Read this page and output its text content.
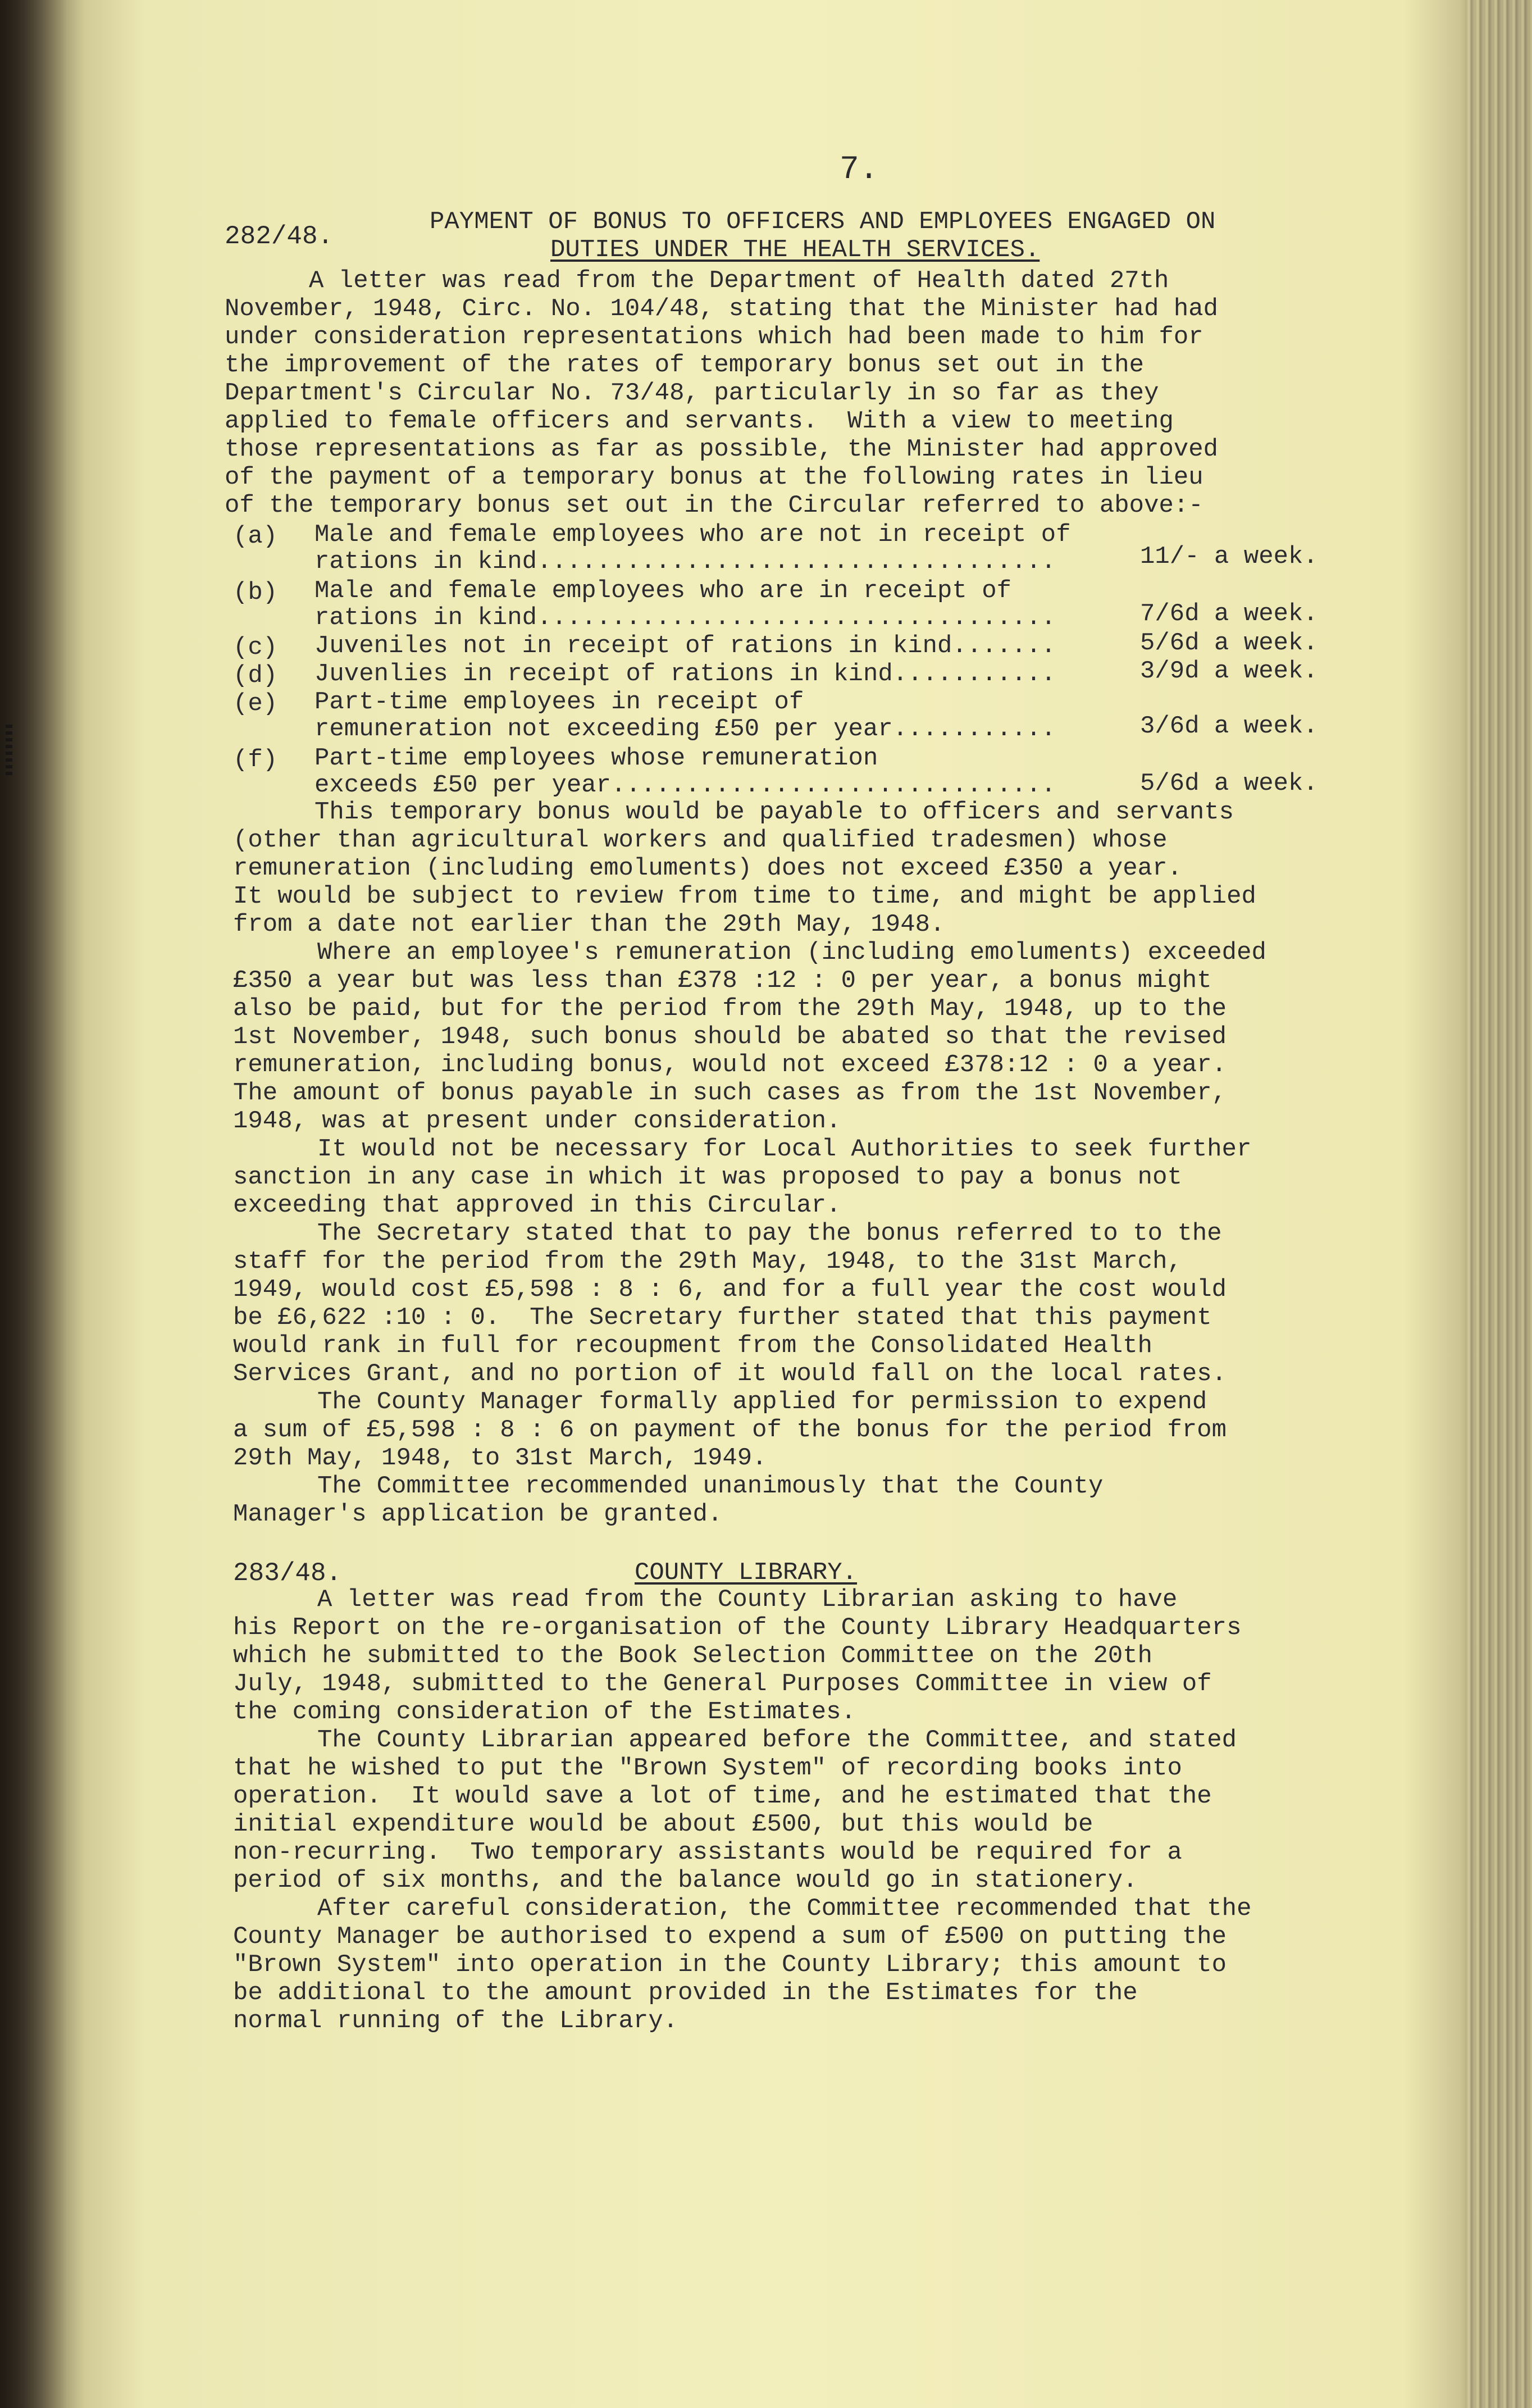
7.
282/48.	PAYMENT OF BONUS TO OFFICERS AND EMPLOYEES ENGAGED ON
DUTIES UNDER THE HEALTH SERVICES.
A letter was read from the Department of Health dated 27th
November, 1948, Circ. No. 104/48, stating that the Minister had had
under consideration representations which had been made to him for
the improvement of the rates of temporary bonus set out in the
Department's Circular No. 73/48, particularly in so far as they
applied to female officers and servants.  With a view to meeting
those representations as far as possible, the Minister had approved
of the payment of a temporary bonus at the following rates in lieu
of the temporary bonus set out in the Circular referred to above:-
(a) Male and female employees who are not in receipt of
rations in kind...................................	11/- a week.
(b) Male and female employees who are in receipt of
rations in kind...................................	7/6d a week.
(c) Juveniles not in receipt of rations in kind.......	5/6d a week.
(d) Juvenlies in receipt of rations in kind...........	3/9d a week.
(e) Part-time employees in receipt of
remuneration not exceeding £50 per year...........	3/6d a week.
(f) Part-time employees whose remuneration
exceeds £50 per year..............................	5/6d a week.
This temporary bonus would be payable to officers and servants
(other than agricultural workers and qualified tradesmen) whose
remuneration (including emoluments) does not exceed £350 a year.
It would be subject to review from time to time, and might be applied
from a date not earlier than the 29th May, 1948.
Where an employee's remuneration (including emoluments) exceeded
£350 a year but was less than £378 :12 : 0 per year, a bonus might
also be paid, but for the period from the 29th May, 1948, up to the
1st November, 1948, such bonus should be abated so that the revised
remuneration, including bonus, would not exceed £378:12 : 0 a year.
The amount of bonus payable in such cases as from the 1st November,
1948, was at present under consideration.
It would not be necessary for Local Authorities to seek further
sanction in any case in which it was proposed to pay a bonus not
exceeding that approved in this Circular.
The Secretary stated that to pay the bonus referred to to the
staff for the period from the 29th May, 1948, to the 31st March,
1949, would cost £5,598 : 8 : 6, and for a full year the cost would
be £6,622 :10 : 0.  The Secretary further stated that this payment
would rank in full for recoupment from the Consolidated Health
Services Grant, and no portion of it would fall on the local rates.
The County Manager formally applied for permission to expend
a sum of £5,598 : 8 : 6 on payment of the bonus for the period from
29th May, 1948, to 31st March, 1949.
The Committee recommended unanimously that the County
Manager's application be granted.
283/48.	COUNTY LIBRARY.
A letter was read from the County Librarian asking to have
his Report on the re-organisation of the County Library Headquarters
which he submitted to the Book Selection Committee on the 20th
July, 1948, submitted to the General Purposes Committee in view of
the coming consideration of the Estimates.
The County Librarian appeared before the Committee, and stated
that he wished to put the "Brown System" of recording books into
operation.  It would save a lot of time, and he estimated that the
initial expenditure would be about £500, but this would be
non-recurring.  Two temporary assistants would be required for a
period of six months, and the balance would go in stationery.
After careful consideration, the Committee recommended that the
County Manager be authorised to expend a sum of £500 on putting the
"Brown System" into operation in the County Library; this amount to
be additional to the amount provided in the Estimates for the
normal running of the Library.
